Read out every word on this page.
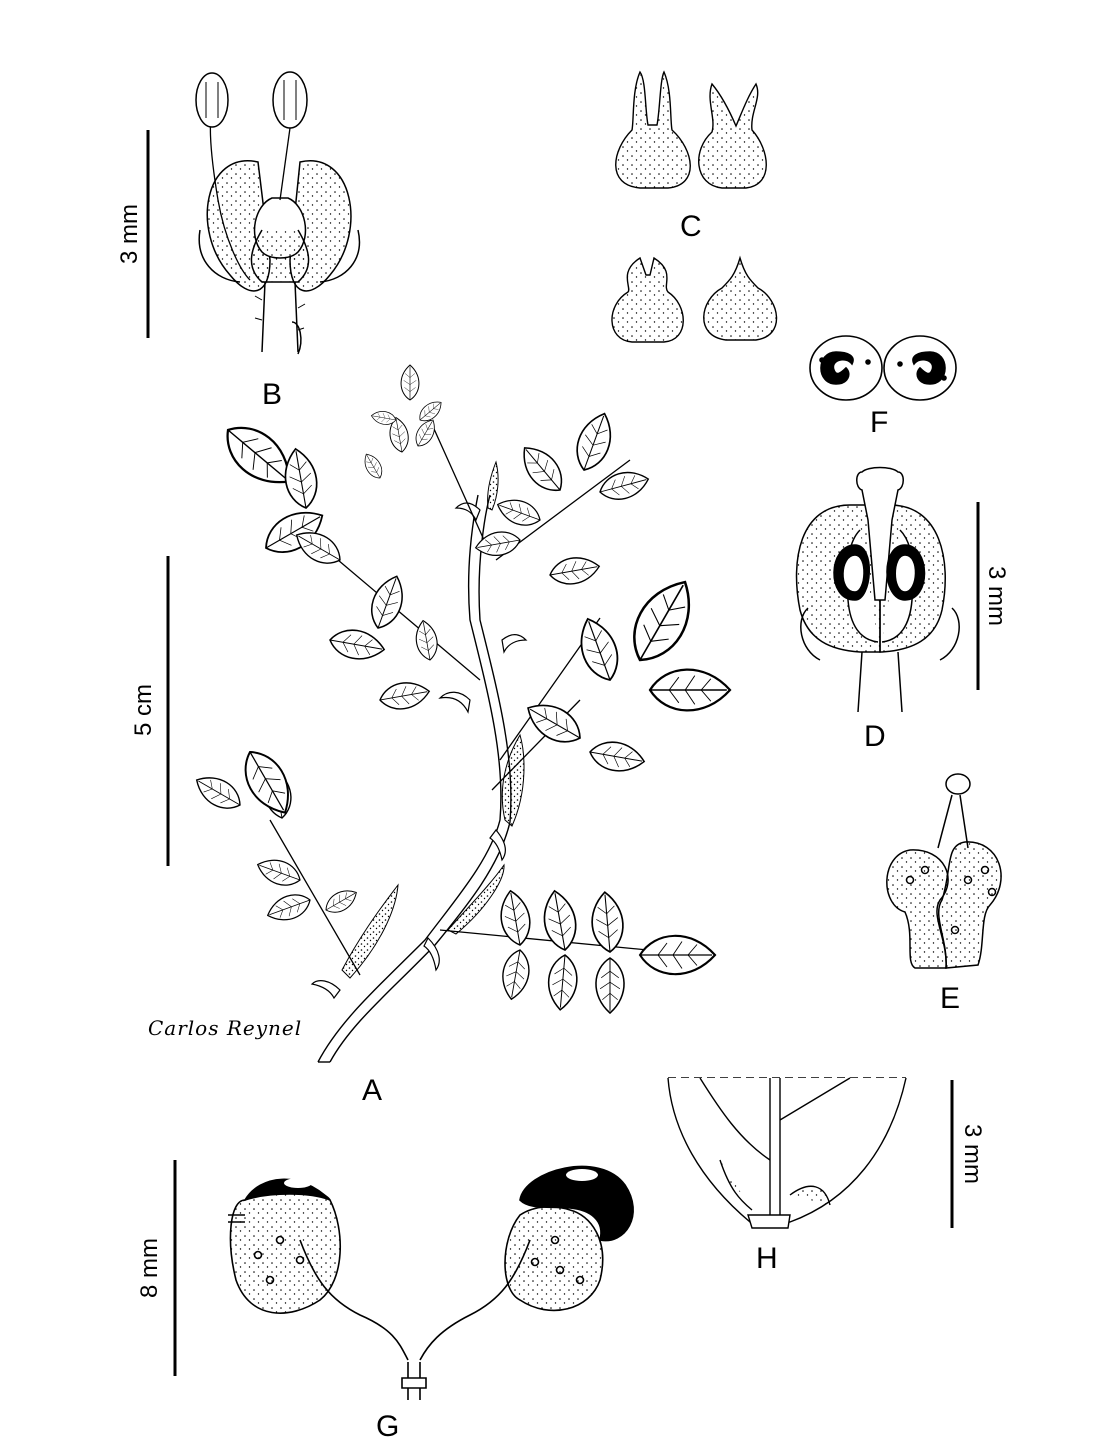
B
C
F
D
E
A
H
G
3 mm
5 cm
3 mm
3 mm
8 mm
Carlos Reynel
